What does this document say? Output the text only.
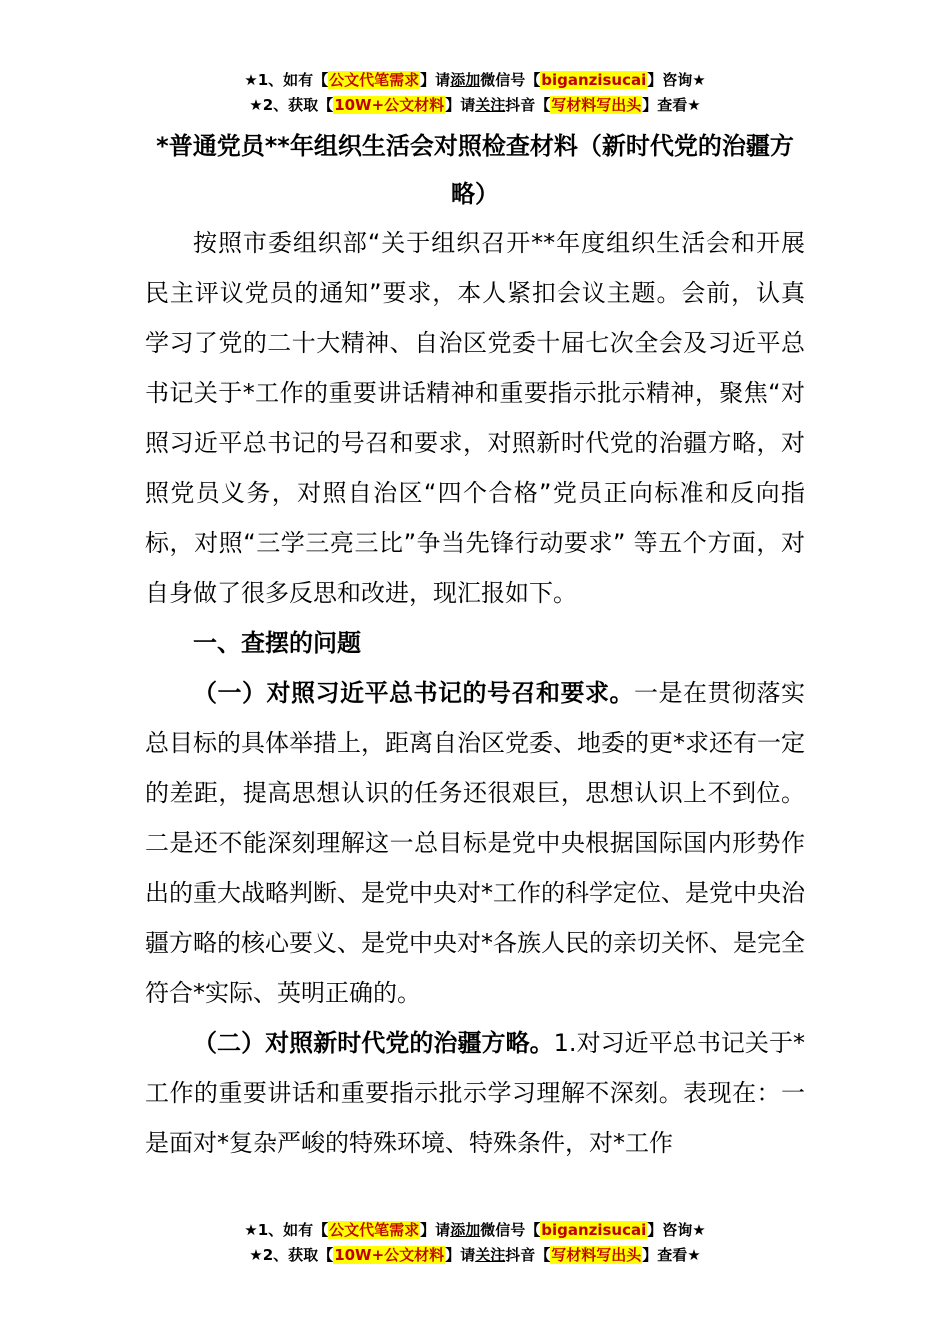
★1、如有【公文代笔需求】请添加微信号【biganzisucai】咨询★
★2、获取【10W+公文材料】请关注抖音【写材料写出头】查看★
*普通党员**年组织生活会对照检查材料（新时代党的治疆方略）

按照市委组织部“关于组织召开**年度组织生活会和开展民主评议党员的通知”要求，本人紧扣会议主题。会前，认真学习了党的二十大精神、自治区党委十届七次全会及习近平总书记关于*工作的重要讲话精神和重要指示批示精神，聚焦“对照习近平总书记的号召和要求，对照新时代党的治疆方略，对照党员义务，对照自治区“四个合格”党员正向标准和反向指标，对照“三学三亮三比”争当先锋行动要求” 等五个方面，对自身做了很多反思和改进，现汇报如下。

一、查摆的问题

（一）对照习近平总书记的号召和要求。一是在贯彻落实总目标的具体举措上，距离自治区党委、地委的更*求还有一定的差距，提高思想认识的任务还很艰巨，思想认识上不到位。二是还不能深刻理解这一总目标是党中央根据国际国内形势作出的重大战略判断、是党中央对*工作的科学定位、是党中央治疆方略的核心要义、是党中央对*各族人民的亲切关怀、是完全符合*实际、英明正确的。

（二）对照新时代党的治疆方略。1.对习近平总书记关于*工作的重要讲话和重要指示批示学习理解不深刻。表现在：一是面对*复杂严峻的特殊环境、特殊条件，对*工作

★1、如有【公文代笔需求】请添加微信号【biganzisucai】咨询★
★2、获取【10W+公文材料】请关注抖音【写材料写出头】查看★
